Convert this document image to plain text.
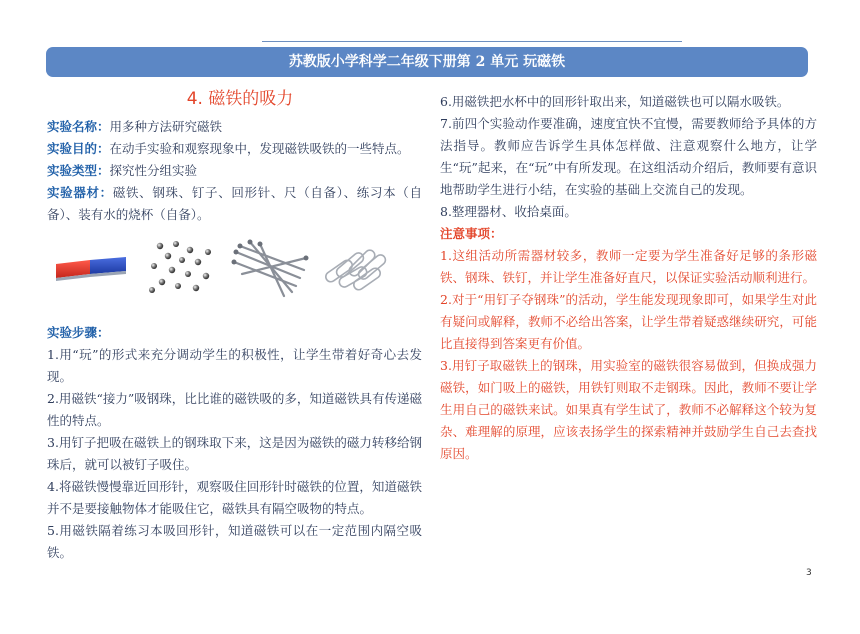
苏教版小学科学二年级下册第 2 单元 玩磁铁
4. 磁铁的吸力

实验名称：用多种方法研究磁铁

实验目的：在动手实验和观察现象中，发现磁铁吸铁的一些特点。

实验类型：探究性分组实验

实验器材：磁铁、钢珠、钉子、回形针、尺（自备）、练习本（自备）、装有水的烧杯（自备）。

实验步骤：

1.用“玩”的形式来充分调动学生的积极性，让学生带着好奇心去发现。

2.用磁铁“接力”吸钢珠，比比谁的磁铁吸的多，知道磁铁具有传递磁性的特点。

3.用钉子把吸在磁铁上的钢珠取下来，这是因为磁铁的磁力转移给钢珠后，就可以被钉子吸住。

4.将磁铁慢慢靠近回形针，观察吸住回形针时磁铁的位置，知道磁铁并不是要接触物体才能吸住它，磁铁具有隔空吸物的特点。

5.用磁铁隔着练习本吸回形针，知道磁铁可以在一定范围内隔空吸铁。

6.用磁铁把水杯中的回形针取出来，知道磁铁也可以隔水吸铁。

7.前四个实验动作要准确，速度宜快不宜慢，需要教师给予具体的方法指导。教师应告诉学生具体怎样做、注意观察什么地方，让学生“玩”起来，在“玩”中有所发现。在这组活动介绍后，教师要有意识地帮助学生进行小结，在实验的基础上交流自己的发现。

8.整理器材、收拾桌面。

注意事项：

1.这组活动所需器材较多，教师一定要为学生准备好足够的条形磁铁、钢珠、铁钉，并让学生准备好直尺，以保证实验活动顺利进行。

2.对于“用钉子夺钢珠”的活动，学生能发现现象即可，如果学生对此有疑问或解释，教师不必给出答案，让学生带着疑惑继续研究，可能比直接得到答案更有价值。

3.用钉子取磁铁上的钢珠，用实验室的磁铁很容易做到，但换成强力磁铁，如门吸上的磁铁，用铁钉则取不走钢珠。因此，教师不要让学生用自己的磁铁来试。如果真有学生试了，教师不必解释这个较为复杂、难理解的原理，应该表扬学生的探索精神并鼓励学生自己去查找原因。

3
